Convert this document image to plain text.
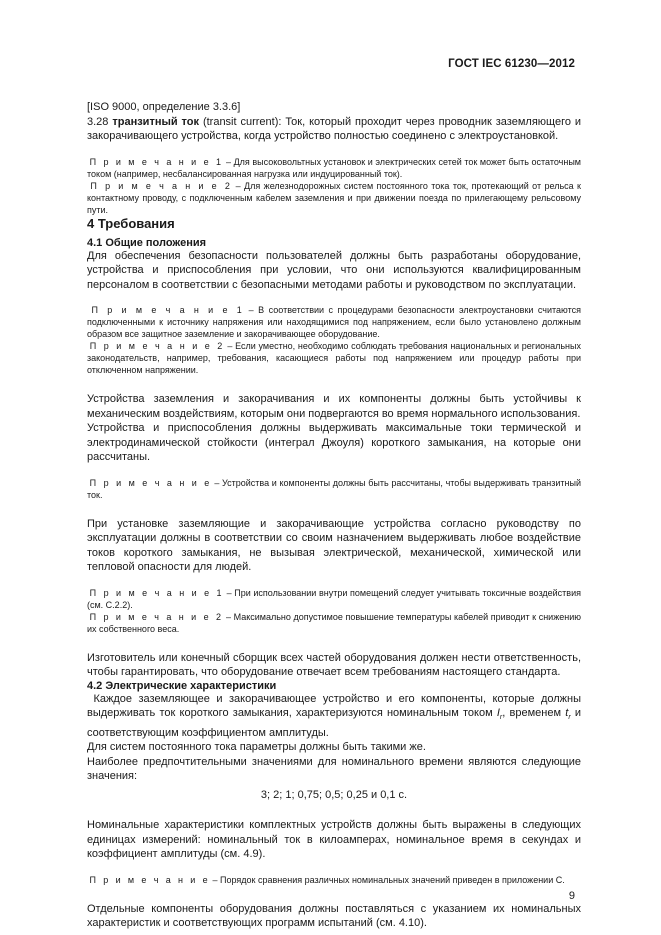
ГОСТ IEC 61230—2012

[ISO 9000, определение 3.3.6]

3.28 транзитный ток (transit current): Ток, который проходит через проводник заземляющего и закорачивающего устройства, когда устройство полностью соединено с электроустановкой.

П р и м е ч а н и е 1 – Для высоковольтных установок и электрических сетей ток может быть остаточным током (например, несбалансированная нагрузка или индуцированный ток).

П р и м е ч а н и е 2 – Для железнодорожных систем постоянного тока ток, протекающий от рельса к контактному проводу, с подключенным кабелем заземления и при движении поезда по прилегающему рельсовому пути.

4 Требования

4.1 Общие положения

Для обеспечения безопасности пользователей должны быть разработаны оборудование, устройства и приспособления при условии, что они используются квалифицированным персоналом в соответствии с безопасными методами работы и руководством по эксплуатации.

П р и м е ч а н и е 1 – В соответствии с процедурами безопасности электроустановки считаются подключенными к источнику напряжения или находящимися под напряжением, если было установлено должным образом все защитное заземление и закорачивающее оборудование.

П р и м е ч а н и е 2 – Если уместно, необходимо соблюдать требования национальных и региональных законодательств, например, требования, касающиеся работы под напряжением или процедур работы при отключенном напряжении.

Устройства заземления и закорачивания и их компоненты должны быть устойчивы к механическим воздействиям, которым они подвергаются во время нормального использования.

Устройства и приспособления должны выдерживать максимальные токи термической и электродинамической стойкости (интеграл Джоуля) короткого замыкания, на которые они рассчитаны.

П р и м е ч а н и е – Устройства и компоненты должны быть рассчитаны, чтобы выдерживать транзитный ток.

При установке заземляющие и закорачивающие устройства согласно руководству по эксплуатации должны в соответствии со своим назначением выдерживать любое воздействие токов короткого замыкания, не вызывая электрической, механической, химической или тепловой опасности для людей.

П р и м е ч а н и е 1 – При использовании внутри помещений следует учитывать токсичные воздействия (см. С.2.2).

П р и м е ч а н и е 2 – Максимально допустимое повышение температуры кабелей приводит к снижению их собственного веса.

Изготовитель или конечный сборщик всех частей оборудования должен нести ответственность, чтобы гарантировать, что оборудование отвечает всем требованиям настоящего стандарта.

4.2 Электрические характеристики

Каждое заземляющее и закорачивающее устройство и его компоненты, которые должны выдерживать ток короткого замыкания, характеризуются номинальным током $I_r$, временем $t_r$ и соответствующим коэффициентом амплитуды.

Для систем постоянного тока параметры должны быть такими же.

Наиболее предпочтительными значениями для номинального времени являются следующие значения:

3; 2; 1; 0,75; 0,5; 0,25 и 0,1 с.

Номинальные характеристики комплектных устройств должны быть выражены в следующих единицах измерений: номинальный ток в килоамперах, номинальное время в секундах и коэффициент амплитуды (см. 4.9).

П р и м е ч а н и е – Порядок сравнения различных номинальных значений приведен в приложении С.

Отдельные компоненты оборудования должны поставляться с указанием их номинальных характеристик и соответствующих программ испытаний (см. 4.10).

9
